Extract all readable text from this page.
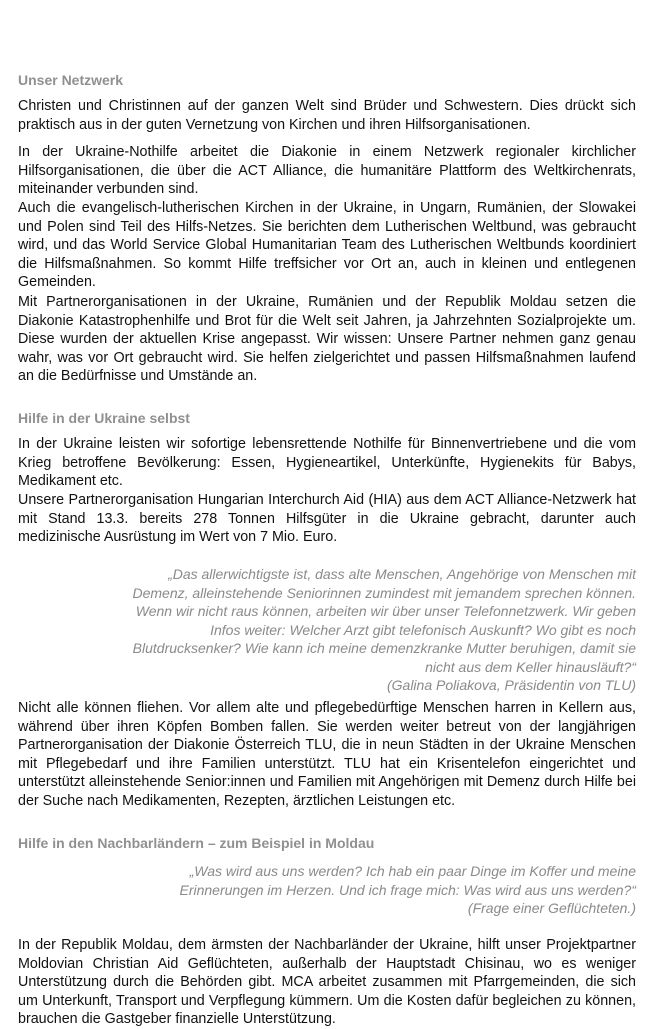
Unser Netzwerk

Christen und Christinnen auf der ganzen Welt sind Brüder und Schwestern. Dies drückt sich praktisch aus in der guten Vernetzung von Kirchen und ihren Hilfsorganisationen.

In der Ukraine-Nothilfe arbeitet die Diakonie in einem Netzwerk regionaler kirchlicher Hilfsorganisationen, die über die ACT Alliance, die humanitäre Plattform des Weltkirchenrats, miteinander verbunden sind.

Auch die evangelisch-lutherischen Kirchen in der Ukraine, in Ungarn, Rumänien, der Slowakei und Polen sind Teil des Hilfs-Netzes. Sie berichten dem Lutherischen Weltbund, was gebraucht wird, und das World Service Global Humanitarian Team des Lutherischen Weltbunds koordiniert die Hilfsmaßnahmen. So kommt Hilfe treffsicher vor Ort an, auch in kleinen und entlegenen Gemeinden.

Mit Partnerorganisationen in der Ukraine, Rumänien und der Republik Moldau setzen die Diakonie Katastrophenhilfe und Brot für die Welt seit Jahren, ja Jahrzehnten Sozialprojekte um. Diese wurden der aktuellen Krise angepasst. Wir wissen: Unsere Partner nehmen ganz genau wahr, was vor Ort gebraucht wird. Sie helfen zielgerichtet und passen Hilfsmaßnahmen laufend an die Bedürfnisse und Umstände an.

Hilfe in der Ukraine selbst

In der Ukraine leisten wir sofortige lebensrettende Nothilfe für Binnenvertriebene und die vom Krieg betroffene Bevölkerung: Essen, Hygieneartikel, Unterkünfte, Hygienekits für Babys, Medikament etc.

Unsere Partnerorganisation Hungarian Interchurch Aid (HIA) aus dem ACT Alliance-Netzwerk hat mit Stand 13.3. bereits 278 Tonnen Hilfsgüter in die Ukraine gebracht, darunter auch medizinische Ausrüstung im Wert von 7 Mio. Euro.

„Das allerwichtigste ist, dass alte Menschen, Angehörige von Menschen mit Demenz, alleinstehende Seniorinnen zumindest mit jemandem sprechen können. Wenn wir nicht raus können, arbeiten wir über unser Telefonnetzwerk. Wir geben Infos weiter: Welcher Arzt gibt telefonisch Auskunft? Wo gibt es noch Blutdrucksenker? Wie kann ich meine demenzkranke Mutter beruhigen, damit sie nicht aus dem Keller hinausläuft?“
(Galina Poliakova, Präsidentin von TLU)

Nicht alle können fliehen. Vor allem alte und pflegebedürftige Menschen harren in Kellern aus, während über ihren Köpfen Bomben fallen. Sie werden weiter betreut von der langjährigen Partnerorganisation der Diakonie Österreich TLU, die in neun Städten in der Ukraine Menschen mit Pflegebedarf und ihre Familien unterstützt. TLU hat ein Krisentelefon eingerichtet und unterstützt alleinstehende Senior:innen und Familien mit Angehörigen mit Demenz durch Hilfe bei der Suche nach Medikamenten, Rezepten, ärztlichen Leistungen etc.

Hilfe in den Nachbarländern – zum Beispiel in Moldau
„Was wird aus uns werden? Ich hab ein paar Dinge im Koffer und meine Erinnerungen im Herzen. Und ich frage mich: Was wird aus uns werden?“
(Frage einer Geflüchteten.)

In der Republik Moldau, dem ärmsten der Nachbarländer der Ukraine, hilft unser Projektpartner Moldovian Christian Aid Geflüchteten, außerhalb der Hauptstadt Chisinau, wo es weniger Unterstützung durch die Behörden gibt. MCA arbeitet zusammen mit Pfarrgemeinden, die sich um Unterkunft, Transport und Verpflegung kümmern. Um die Kosten dafür begleichen zu können, brauchen die Gastgeber finanzielle Unterstützung.
